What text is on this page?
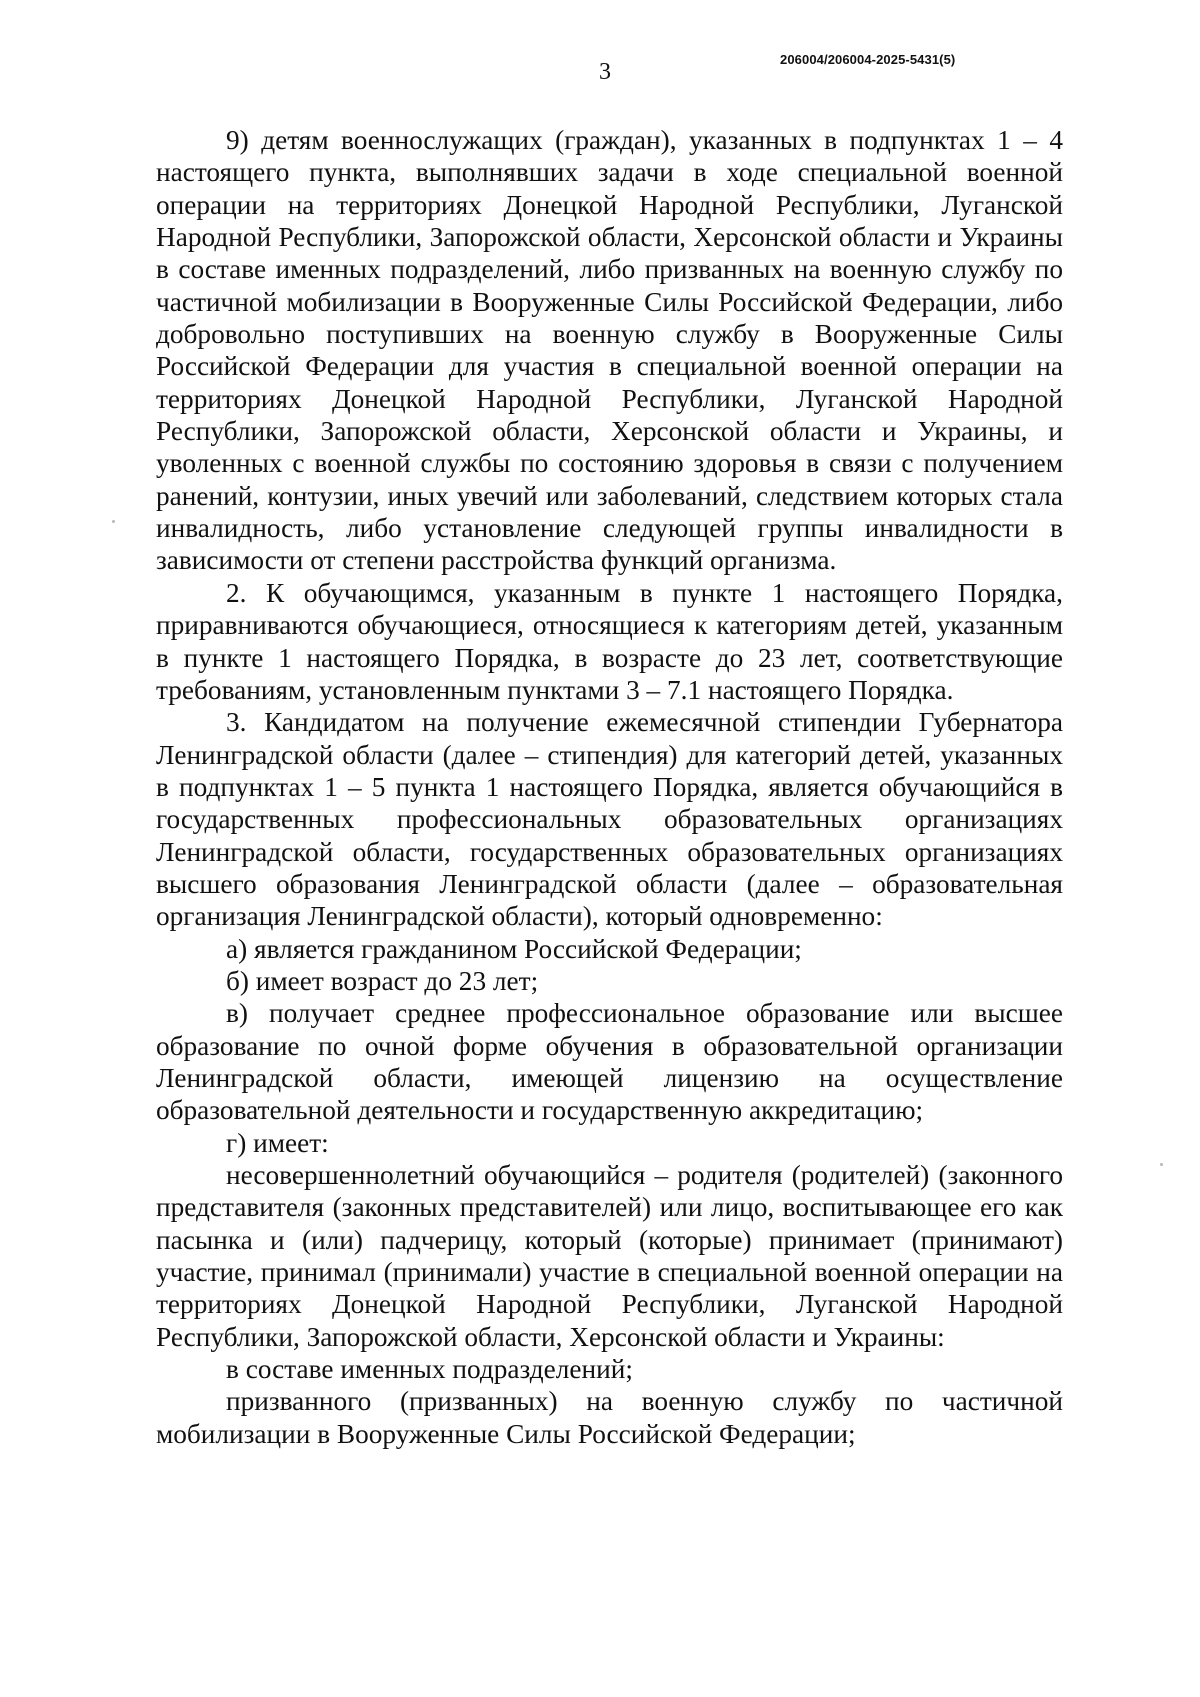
3	206004/206004-2025-5431(5)

9) детям военнослужащих (граждан), указанных в подпунктах 1 – 4 настоящего пункта, выполнявших задачи в ходе специальной военной операции на территориях Донецкой Народной Республики, Луганской Народной Республики, Запорожской области, Херсонской области и Украины в составе именных подразделений, либо призванных на военную службу по частичной мобилизации в Вооруженные Силы Российской Федерации, либо добровольно поступивших на военную службу в Вооруженные Силы Российской Федерации для участия в специальной военной операции на территориях Донецкой Народной Республики, Луганской Народной Республики, Запорожской области, Херсонской области и Украины, и уволенных с военной службы по состоянию здоровья в связи с получением ранений, контузии, иных увечий или заболеваний, следствием которых стала инвалидность, либо установление следующей группы инвалидности в зависимости от степени расстройства функций организма.

2. К обучающимся, указанным в пункте 1 настоящего Порядка, приравниваются обучающиеся, относящиеся к категориям детей, указанным в пункте 1 настоящего Порядка, в возрасте до 23 лет, соответствующие требованиям, установленным пунктами 3 – 7.1 настоящего Порядка.

3. Кандидатом на получение ежемесячной стипендии Губернатора Ленинградской области (далее – стипендия) для категорий детей, указанных в подпунктах 1 – 5 пункта 1 настоящего Порядка, является обучающийся в государственных профессиональных образовательных организациях Ленинградской области, государственных образовательных организациях высшего образования Ленинградской области (далее – образовательная организация Ленинградской области), который одновременно:

а) является гражданином Российской Федерации;

б) имеет возраст до 23 лет;

в) получает среднее профессиональное образование или высшее образование по очной форме обучения в образовательной организации Ленинградской области, имеющей лицензию на осуществление образовательной деятельности и государственную аккредитацию;

г) имеет:

несовершеннолетний обучающийся – родителя (родителей) (законного представителя (законных представителей) или лицо, воспитывающее его как пасынка и (или) падчерицу, который (которые) принимает (принимают) участие, принимал (принимали) участие в специальной военной операции на территориях Донецкой Народной Республики, Луганской Народной Республики, Запорожской области, Херсонской области и Украины:

в составе именных подразделений;

призванного (призванных) на военную службу по частичной мобилизации в Вооруженные Силы Российской Федерации;
